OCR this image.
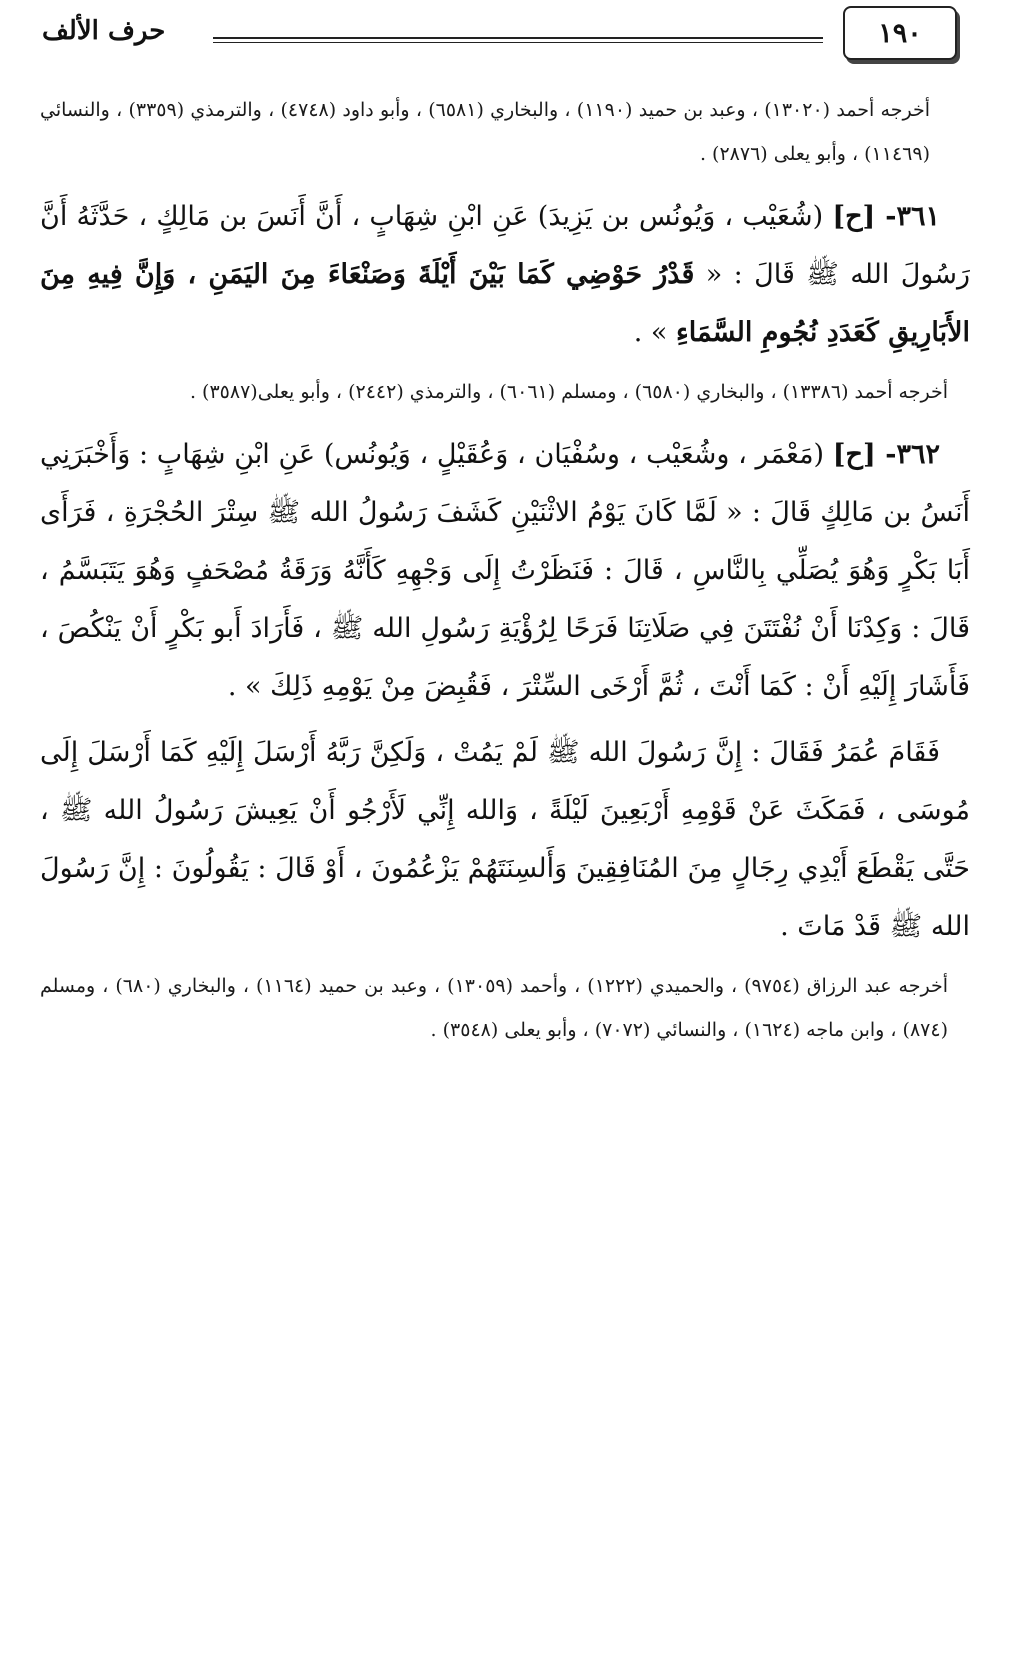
١٩٠
حرف الألف

أخرجه أحمد (١٣٠٢٠) ، وعبد بن حميد (١١٩٠) ، والبخاري (٦٥٨١) ، وأبو داود (٤٧٤٨) ، والترمذي (٣٣٥٩) ، والنسائي (١١٤٦٩) ، وأبو يعلى (٢٨٧٦) .

٣٦١- [ح] (شُعَيْب ، وَيُونُس بن يَزِيدَ) عَنِ ابْنِ شِهَابٍ ، أَنَّ أَنَسَ بن مَالِكٍ ، حَدَّثَهُ أَنَّ رَسُولَ الله ﷺ قَالَ : « قَدْرُ حَوْضِي كَمَا بَيْنَ أَيْلَةَ وَصَنْعَاءَ مِنَ اليَمَنِ ، وَإِنَّ فِيهِ مِنَ الأَبَارِيقِ كَعَدَدِ نُجُومِ السَّمَاءِ » .

أخرجه أحمد (١٣٣٨٦) ، والبخاري (٦٥٨٠) ، ومسلم (٦٠٦١) ، والترمذي (٢٤٤٢) ، وأبو يعلى(٣٥٨٧) .

٣٦٢- [ح] (مَعْمَر ، وشُعَيْب ، وسُفْيَان ، وَعُقَيْلٍ ، وَيُونُس) عَنِ ابْنِ شِهَابٍ : وَأَخْبَرَنِي أَنَسُ بن مَالِكٍ قَالَ : « لَمَّا كَانَ يَوْمُ الاثْنَيْنِ كَشَفَ رَسُولُ الله ﷺ سِتْرَ الحُجْرَةِ ، فَرَأَى أَبَا بَكْرٍ وَهُوَ يُصَلِّي بِالنَّاسِ ، قَالَ : فَنَظَرْتُ إِلَى وَجْهِهِ كَأَنَّهُ وَرَقَةُ مُصْحَفٍ وَهُوَ يَتَبَسَّمُ ، قَالَ : وَكِدْنَا أَنْ نُفْتَتَنَ فِي صَلَاتِنَا فَرَحًا لِرُؤْيَةِ رَسُولِ الله ﷺ ، فَأَرَادَ أَبو بَكْرٍ أَنْ يَنْكُصَ ، فَأَشَارَ إِلَيْهِ أَنْ : كَمَا أَنْتَ ، ثُمَّ أَرْخَى السِّتْرَ ، فَقُبِضَ مِنْ يَوْمِهِ ذَلِكَ » .

فَقَامَ عُمَرُ فَقَالَ : إِنَّ رَسُولَ الله ﷺ لَمْ يَمُتْ ، وَلَكِنَّ رَبَّهُ أَرْسَلَ إِلَيْهِ كَمَا أَرْسَلَ إِلَى مُوسَى ، فَمَكَثَ عَنْ قَوْمِهِ أَرْبَعِينَ لَيْلَةً ، وَالله إِنِّي لَأَرْجُو أَنْ يَعِيشَ رَسُولُ الله ﷺ ، حَتَّى يَقْطَعَ أَيْدِي رِجَالٍ مِنَ المُنَافِقِينَ وَأَلسِنَتَهُمْ يَزْعُمُونَ ، أَوْ قَالَ : يَقُولُونَ : إِنَّ رَسُولَ الله ﷺ قَدْ مَاتَ .

أخرجه عبد الرزاق (٩٧٥٤) ، والحميدي (١٢٢٢) ، وأحمد (١٣٠٥٩) ، وعبد بن حميد (١١٦٤) ، والبخاري (٦٨٠) ، ومسلم (٨٧٤) ، وابن ماجه (١٦٢٤) ، والنسائي (٧٠٧٢) ، وأبو يعلى (٣٥٤٨) .
